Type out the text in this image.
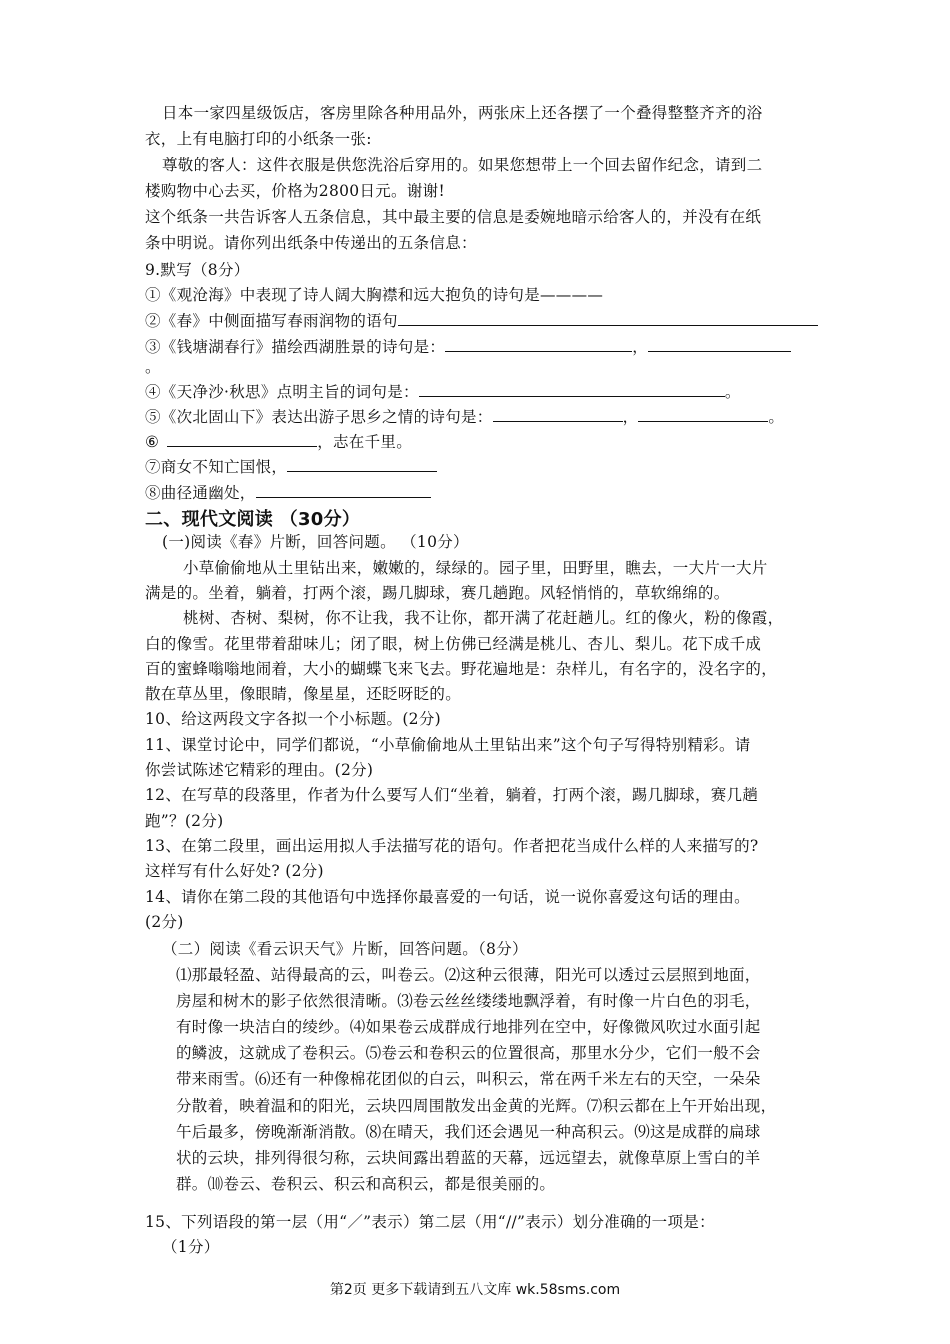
日本一家四星级饭店，客房里除各种用品外，两张床上还各摆了一个叠得整整齐齐的浴
衣，上有电脑打印的小纸条一张:
尊敬的客人：这件衣服是供您洗浴后穿用的。如果您想带上一个回去留作纪念，请到二
楼购物中心去买，价格为2800日元。谢谢!
这个纸条一共告诉客人五条信息，其中最主要的信息是委婉地暗示给客人的，并没有在纸
条中明说。请你列出纸条中传递出的五条信息：
9.默写（8分）
①《观沧海》中表现了诗人阔大胸襟和远大抱负的诗句是————
②《春》中侧面描写春雨润物的语句
③《钱塘湖春行》描绘西湖胜景的诗句是：	，
。
④《天净沙·秋思》点明主旨的词句是：	。
⑤《次北固山下》表达出游子思乡之情的诗句是：	，	。
⑥	，志在千里。
⑦商女不知亡国恨，
⑧曲径通幽处，
二、现代文阅读 （30分）
(一)阅读《春》片断，回答问题。 （10分）
小草偷偷地从土里钻出来，嫩嫩的，绿绿的。园子里，田野里，瞧去，一大片一大片
满是的。坐着，躺着，打两个滚，踢几脚球，赛几趟跑。风轻悄悄的，草软绵绵的。
桃树、杏树、梨树，你不让我，我不让你，都开满了花赶趟儿。红的像火，粉的像霞，
白的像雪。花里带着甜味儿；闭了眼，树上仿佛已经满是桃儿、杏儿、梨儿。花下成千成
百的蜜蜂嗡嗡地闹着，大小的蝴蝶飞来飞去。野花遍地是：杂样儿，有名字的，没名字的，
散在草丛里，像眼睛，像星星，还眨呀眨的。
10、给这两段文字各拟一个小标题。(2分)
11、课堂讨论中，同学们都说，“小草偷偷地从土里钻出来”这个句子写得特别精彩。请
你尝试陈述它精彩的理由。(2分)
12、在写草的段落里，作者为什么要写人们“坐着，躺着，打两个滚，踢几脚球，赛几趟
跑”？(2分)
13、在第二段里，画出运用拟人手法描写花的语句。作者把花当成什么样的人来描写的?
这样写有什么好处? (2分)
14、请你在第二段的其他语句中选择你最喜爱的一句话，说一说你喜爱这句话的理由。
(2分)
（二）阅读《看云识天气》片断，回答问题。（8分）
⑴那最轻盈、站得最高的云，叫卷云。⑵这种云很薄，阳光可以透过云层照到地面，
房屋和树木的影子依然很清晰。⑶卷云丝丝缕缕地飘浮着，有时像一片白色的羽毛，
有时像一块洁白的绫纱。⑷如果卷云成群成行地排列在空中，好像微风吹过水面引起
的鳞波，这就成了卷积云。⑸卷云和卷积云的位置很高，那里水分少，它们一般不会
带来雨雪。⑹还有一种像棉花团似的白云，叫积云，常在两千米左右的天空，一朵朵
分散着，映着温和的阳光，云块四周围散发出金黄的光辉。⑺积云都在上午开始出现，
午后最多，傍晚渐渐消散。⑻在晴天，我们还会遇见一种高积云。⑼这是成群的扁球
状的云块，排列得很匀称，云块间露出碧蓝的天幕，远远望去，就像草原上雪白的羊
群。⑽卷云、卷积云、积云和高积云，都是很美丽的。
15、下列语段的第一层（用“／”表示）第二层（用“//”表示）划分准确的一项是：
（1分）
第2页 更多下载请到五八文库 wk.58sms.com
